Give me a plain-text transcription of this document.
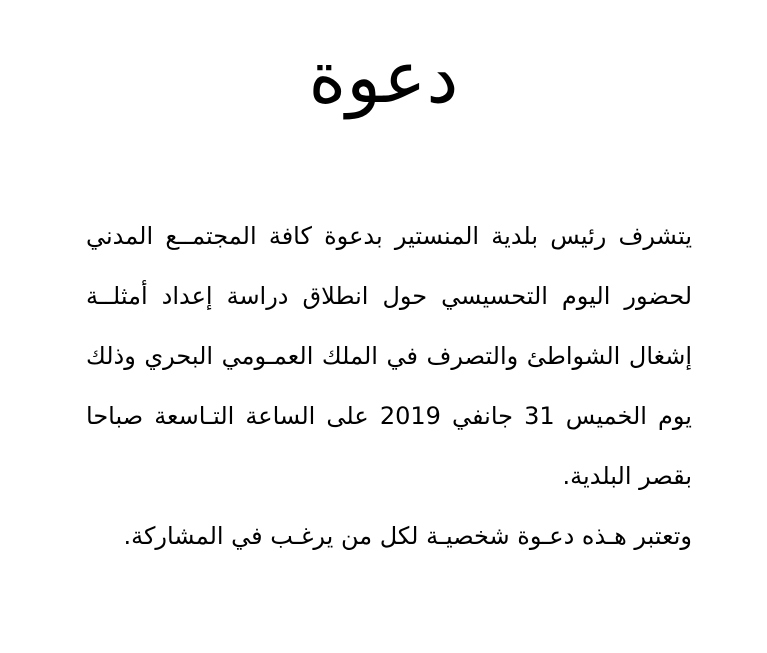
دعوة

يتشرف رئيس بلدية المنستير بدعوة كافة المجتمــع المدني لحضور اليوم التحسيسي حول انطلاق دراسة إعداد أمثلــة إشغال الشواطئ والتصرف في الملك العمـومي البحري وذلك يوم الخميس 31 جانفي 2019 على الساعة التـاسعة صباحا بقصر البلدية.

وتعتبر هـذه دعـوة شخصيـة لكل من يرغـب في المشاركة.
